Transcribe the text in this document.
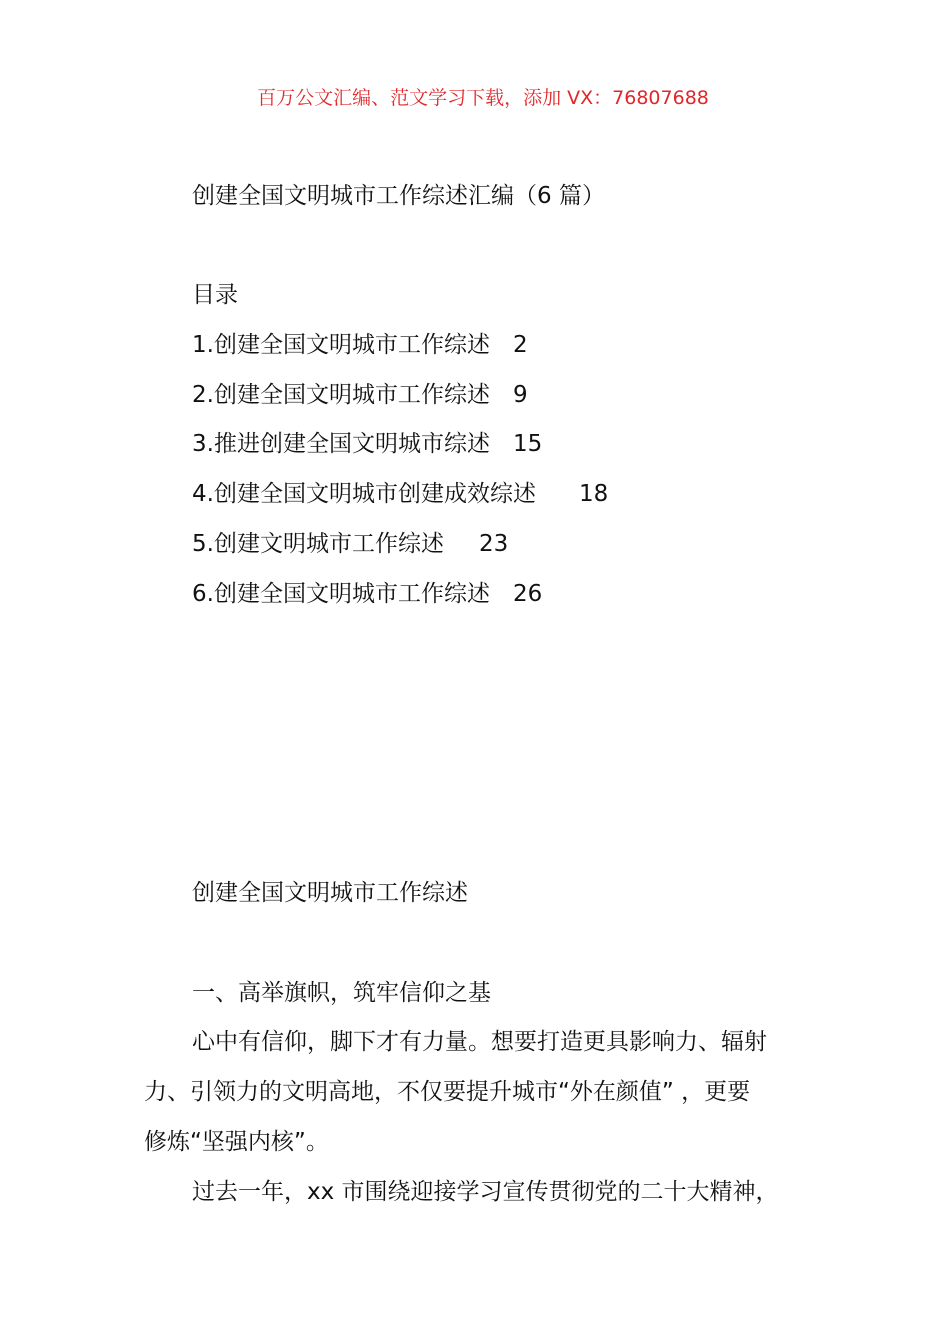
百万公文汇编、范文学习下载，添加 VX：76807688
创建全国文明城市工作综述汇编（6 篇）
目录
1.创建全国文明城市工作综述 2
2.创建全国文明城市工作综述 9
3.推进创建全国文明城市综述 15
4.创建全国文明城市创建成效综述 18
5.创建文明城市工作综述 23
6.创建全国文明城市工作综述 26
创建全国文明城市工作综述
一、高举旗帜，筑牢信仰之基
心中有信仰，脚下才有力量。想要打造更具影响力、辐射
力、引领力的文明高地，不仅要提升城市“外在颜值” ，更要
修炼“坚强内核”。
过去一年，xx 市围绕迎接学习宣传贯彻党的二十大精神，
